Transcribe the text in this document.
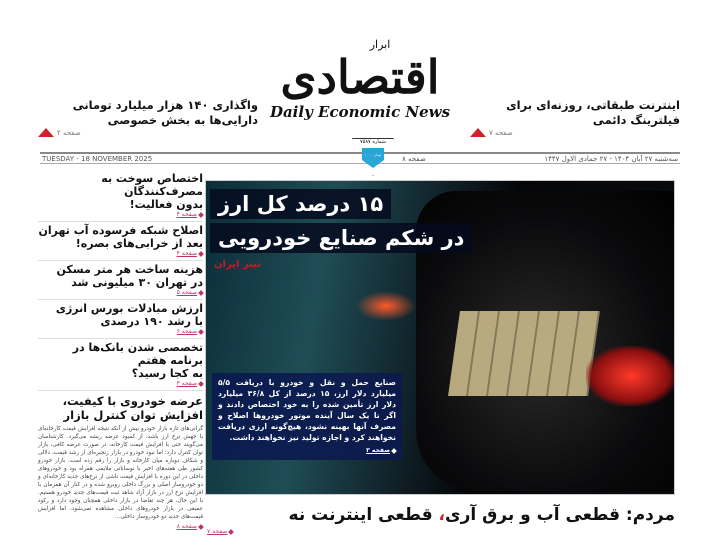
ابرار
اقتصادی
Daily Economic News
شماره ۷۵۸۷
۱۰۰۰۰ تومان
واگذاری ۱۴۰ هزار میلیارد تومانی
دارایی‌ها به بخش خصوصی
صفحه ۲
اینترنت طبقاتی، روزنه‌ای برای
فیلترینگ دائمی
صفحه ۷
TUESDAY - 18 NOVEMBER 2025	۸ صفحه	سه‌شنبه ۲۷ آبان ۱۴۰۴ - ۲۷ جمادی الاول ۱۴۴۷
اختصاص سوخت به مصرف‌کنندگان
بدون فعالیت!
صفحه ۴
اصلاح شبکه فرسوده آب تهران
بعد از خرابی‌های بصره!
صفحه ۴
هزینه ساخت هر متر مسکن
در تهران ۳۰ میلیونی شد
صفحه ۵
ارزش مبادلات بورس انرژی
با رشد ۱۹۰ درصدی
صفحه ۶
تخصصی شدن بانک‌ها در برنامه هفتم
به کجا رسید؟
صفحه ۳
عرضه خودروی با کیفیت،
افزایش توان کنترل بازار
گرانی‌های تازه بازار خودرو بیش از آنکه نتیجه افزایش قیمت کارخانه‌ای یا جهش نرخ ارز باشد، از کمبود عرضه ریشه می‌گیرد. کارشناسان می‌گویند حتی با افزایش قیمت کارخانه، در صورت عرضه کافی، بازار توان کنترل دارد؛ اما نبود خودرو در بازار زنجیره‌ای از رشد قیمت، دلالی و شکاف دوباره میان کارخانه و بازار را رقم زده است. بازار خودرو کشور طی هفته‌های اخیر با نوساناتی ملایمی همراه بود و خودروهای داخلی در این دوره با افزایش قیمت ناشی از نرخ‌های جدید کارخانه‌ای و دو خودروساز اصلی و بزرگ داخلی روبرو شده و در کنار آن همزمان با افزایش نرخ ارز در بازار آزاد شاهد ثبت قیمت‌های جدید خودرو هستیم. با این حال، هر چند تقاضا در بازار داخلی همچنان وجود دارد و رکود عمیقی در بازار خودروهای داخلی مشاهده نمی‌شود، اما افزایش قیمت‌های جدید دو خودروساز داخلی...
صفحه ۸
۱۵ درصد کل ارز
در شکم صنایع خودرویی
تیتر ایران
صنایع حمل و نقل و خودرو با دریافت ۵/۵ میلیارد دلار ارز، ۱۵ درصد از کل ۳۶/۸ میلیارد دلار ارز تأمین شده را به خود اختصاص دادند و اگر تا یک سال آینده موتور خودروها اصلاح و مصرف آنها بهینه نشود، هیچ‌گونه ارزی دریافت نخواهند کرد و اجازه تولید نیز نخواهند داشت.
صفحه ۳
مردم: قطعی آب و برق آری، قطعی اینترنت نه
صفحه ۷
